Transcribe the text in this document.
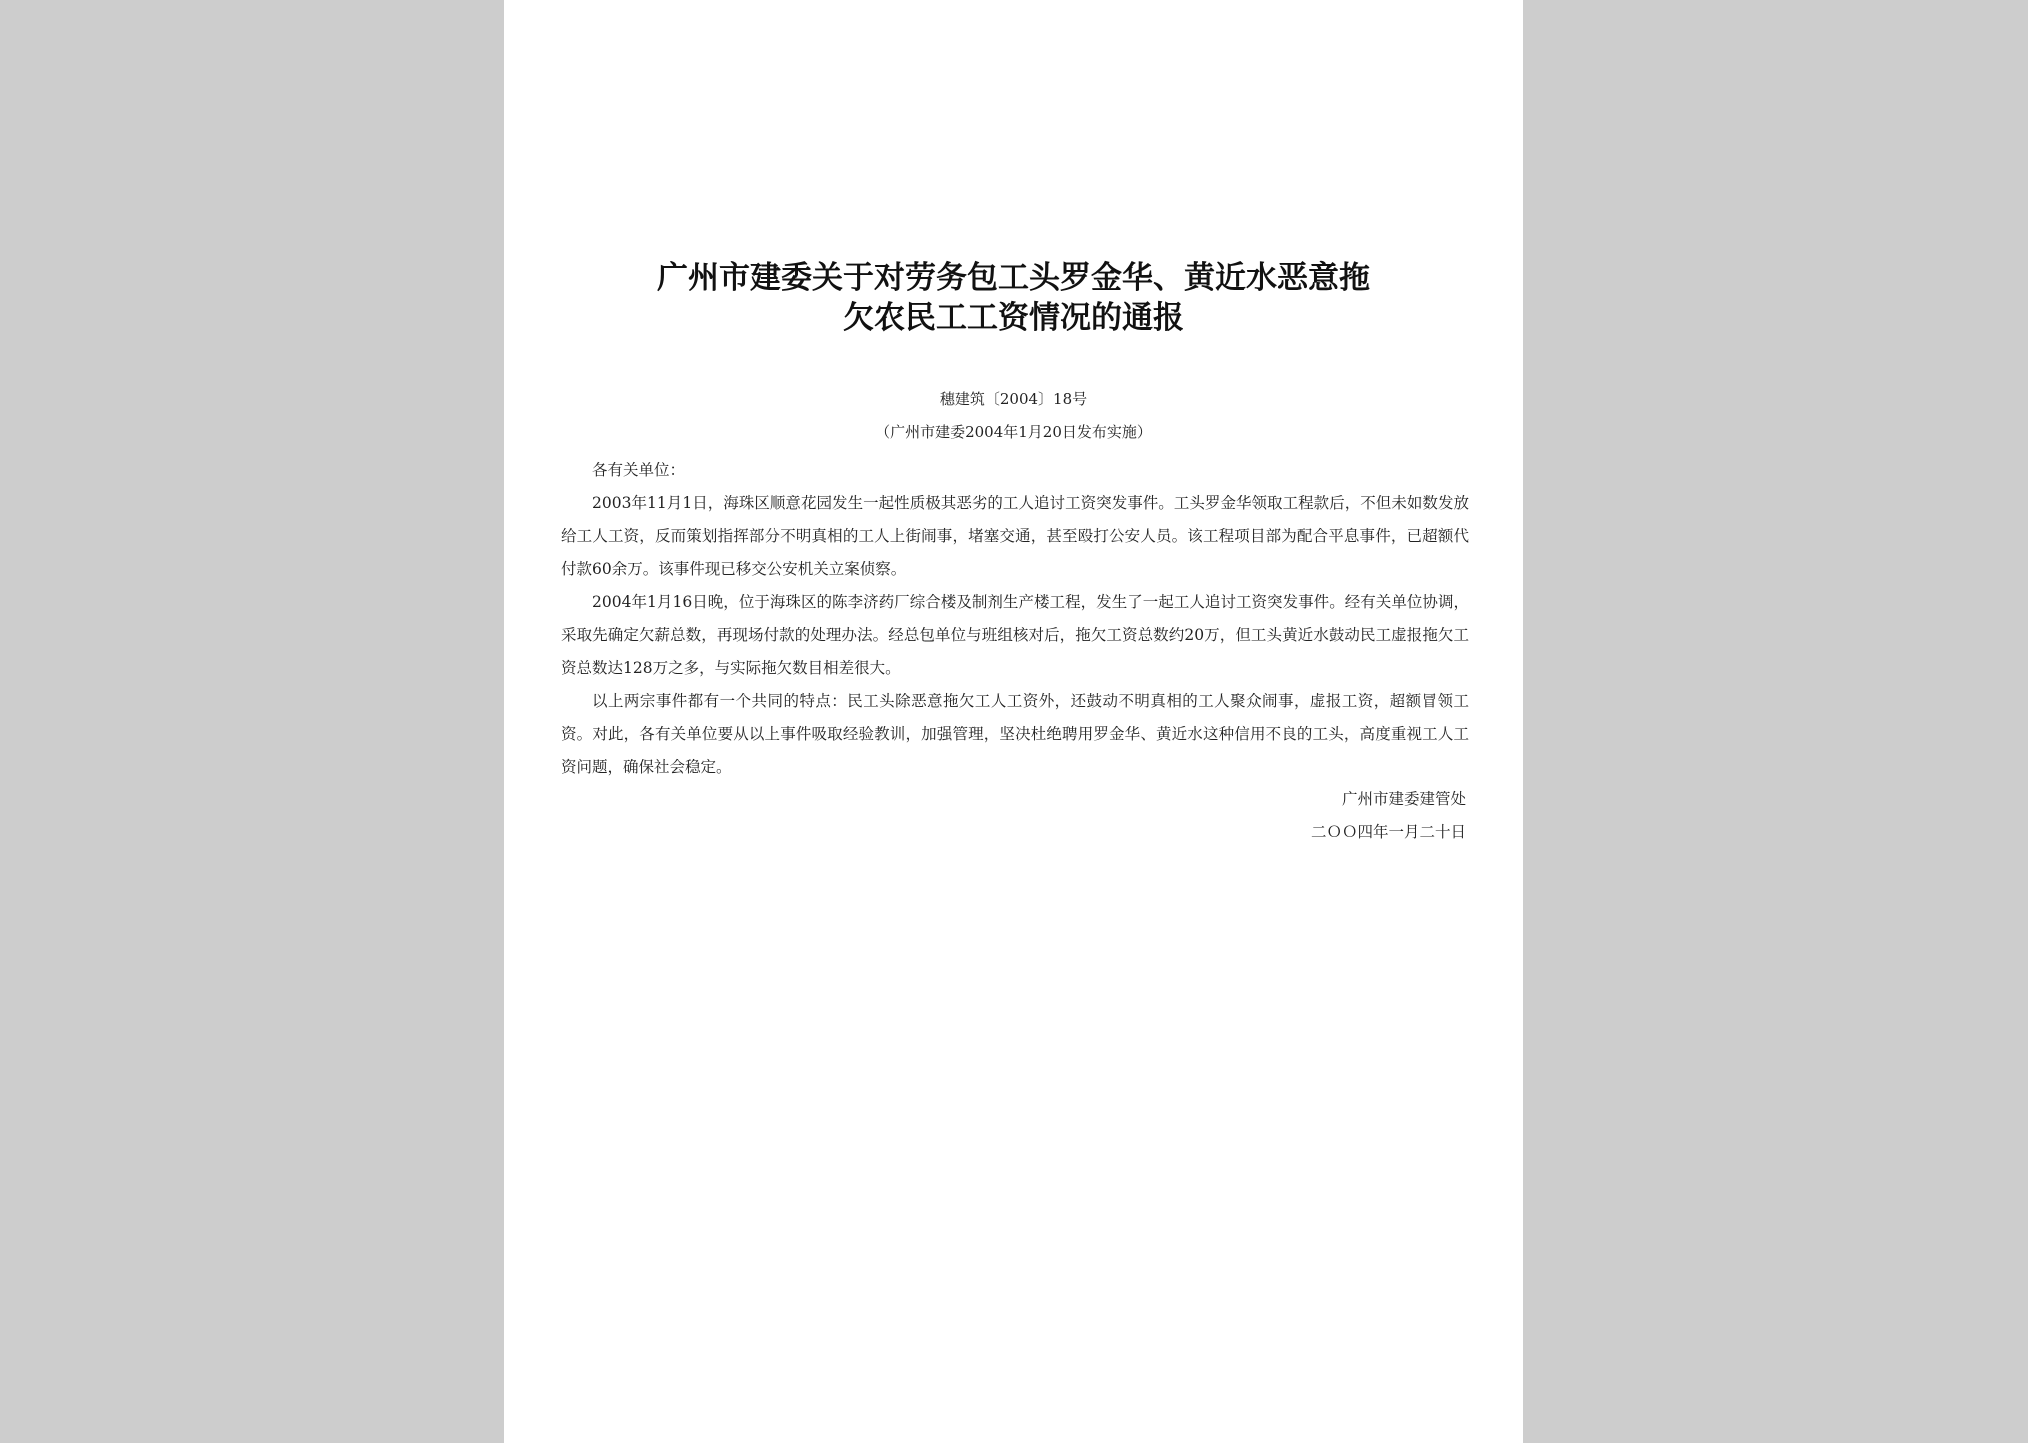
广州市建委关于对劳务包工头罗金华、黄近水恶意拖
欠农民工工资情况的通报
穗建筑〔2004〕18号
（广州市建委2004年1月20日发布实施）

各有关单位：

2003年11月1日，海珠区顺意花园发生一起性质极其恶劣的工人追讨工资突发事件。工头罗金华领取工程款后，不但未如数发放给工人工资，反而策划指挥部分不明真相的工人上街闹事，堵塞交通，甚至殴打公安人员。该工程项目部为配合平息事件，已超额代付款60余万。该事件现已移交公安机关立案侦察。

2004年1月16日晚，位于海珠区的陈李济药厂综合楼及制剂生产楼工程，发生了一起工人追讨工资突发事件。经有关单位协调，采取先确定欠薪总数，再现场付款的处理办法。经总包单位与班组核对后，拖欠工资总数约20万，但工头黄近水鼓动民工虚报拖欠工资总数达128万之多，与实际拖欠数目相差很大。

以上两宗事件都有一个共同的特点：民工头除恶意拖欠工人工资外，还鼓动不明真相的工人聚众闹事，虚报工资，超额冒领工资。对此，各有关单位要从以上事件吸取经验教训，加强管理，坚决杜绝聘用罗金华、黄近水这种信用不良的工头，高度重视工人工资问题，确保社会稳定。

广州市建委建管处
二ＯＯ四年一月二十日
